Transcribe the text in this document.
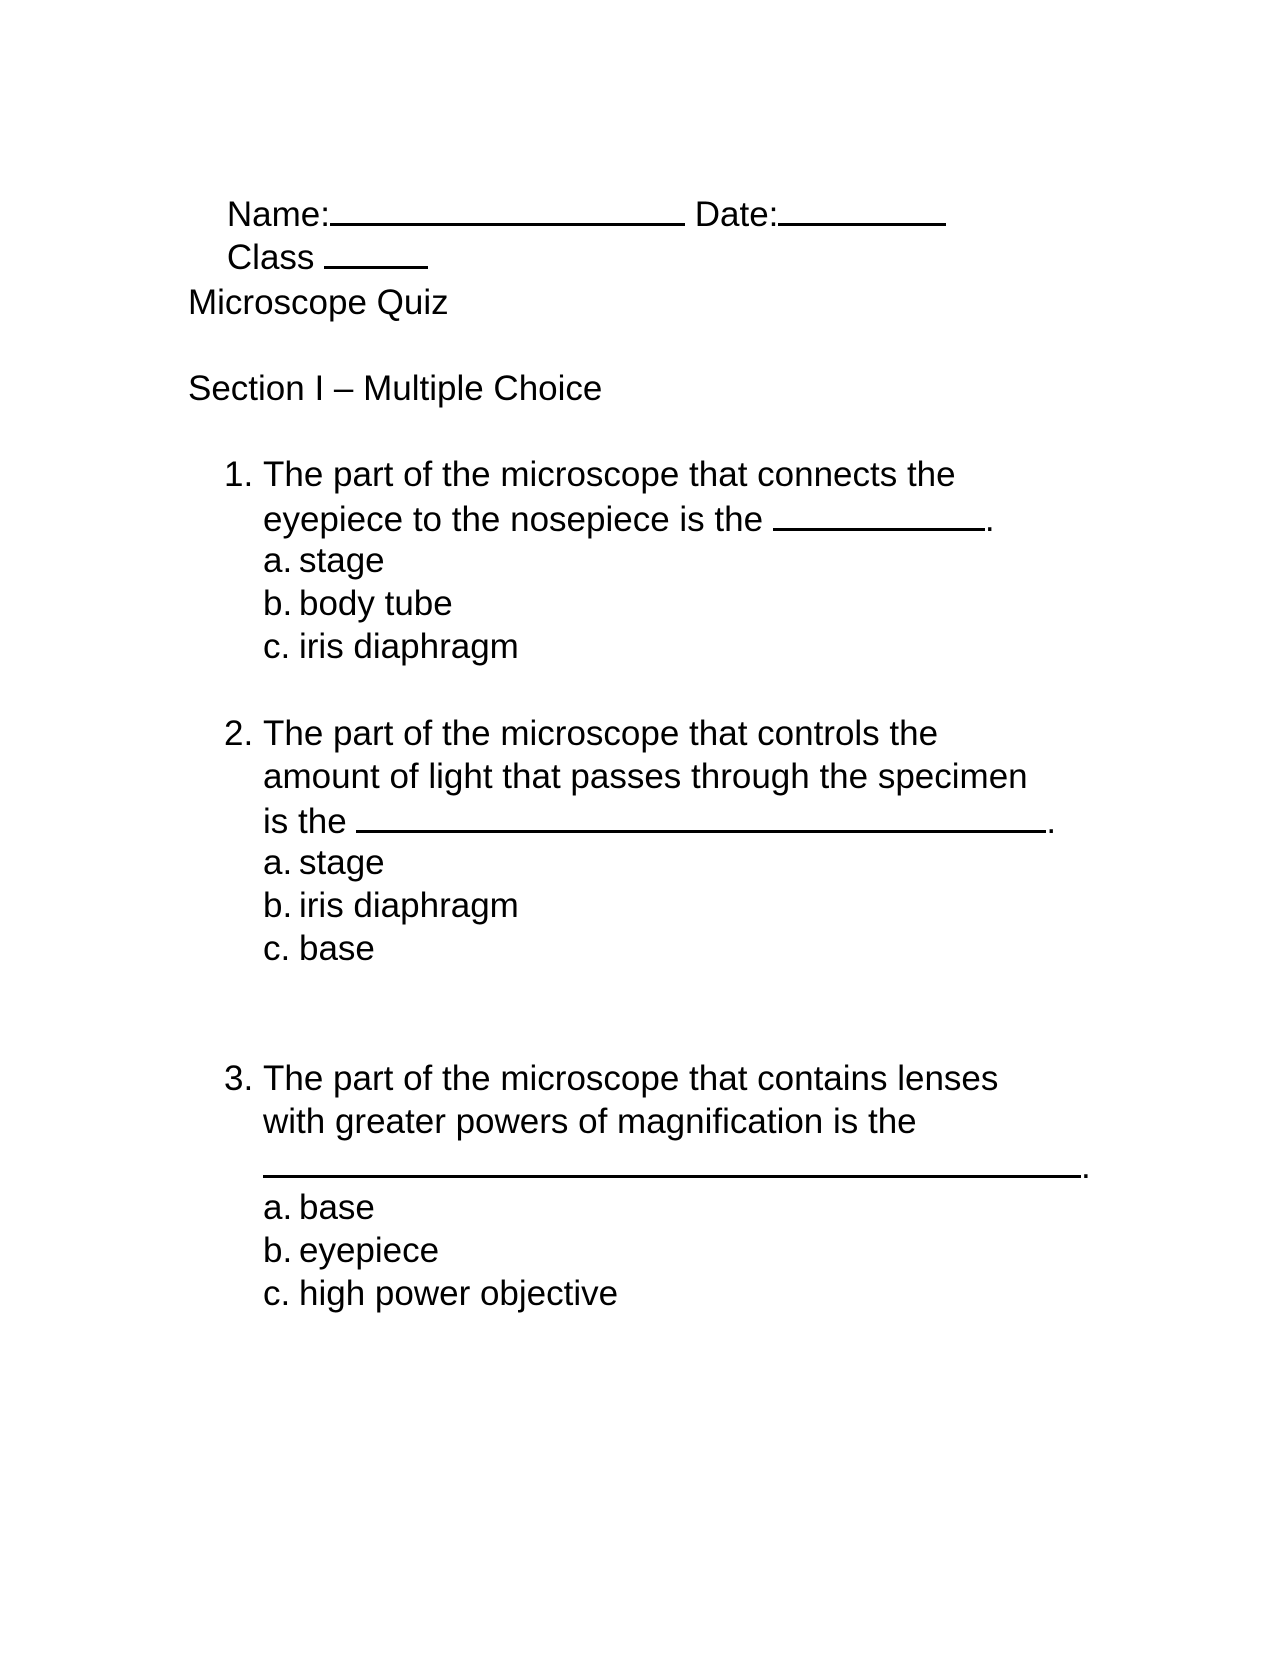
Name:	Date:

Class

Microscope Quiz
Section I – Multiple Choice
1. The part of the microscope that connects the
eyepiece to the nosepiece is the	.
a. stage
b. body tube
c. iris diaphragm
2. The part of the microscope that controls the
amount of light that passes through the specimen
is the	.
a. stage
b. iris diaphragm
c. base
3. The part of the microscope that contains lenses
with greater powers of magnification is the
.
a. base
b. eyepiece
c. high power objective
